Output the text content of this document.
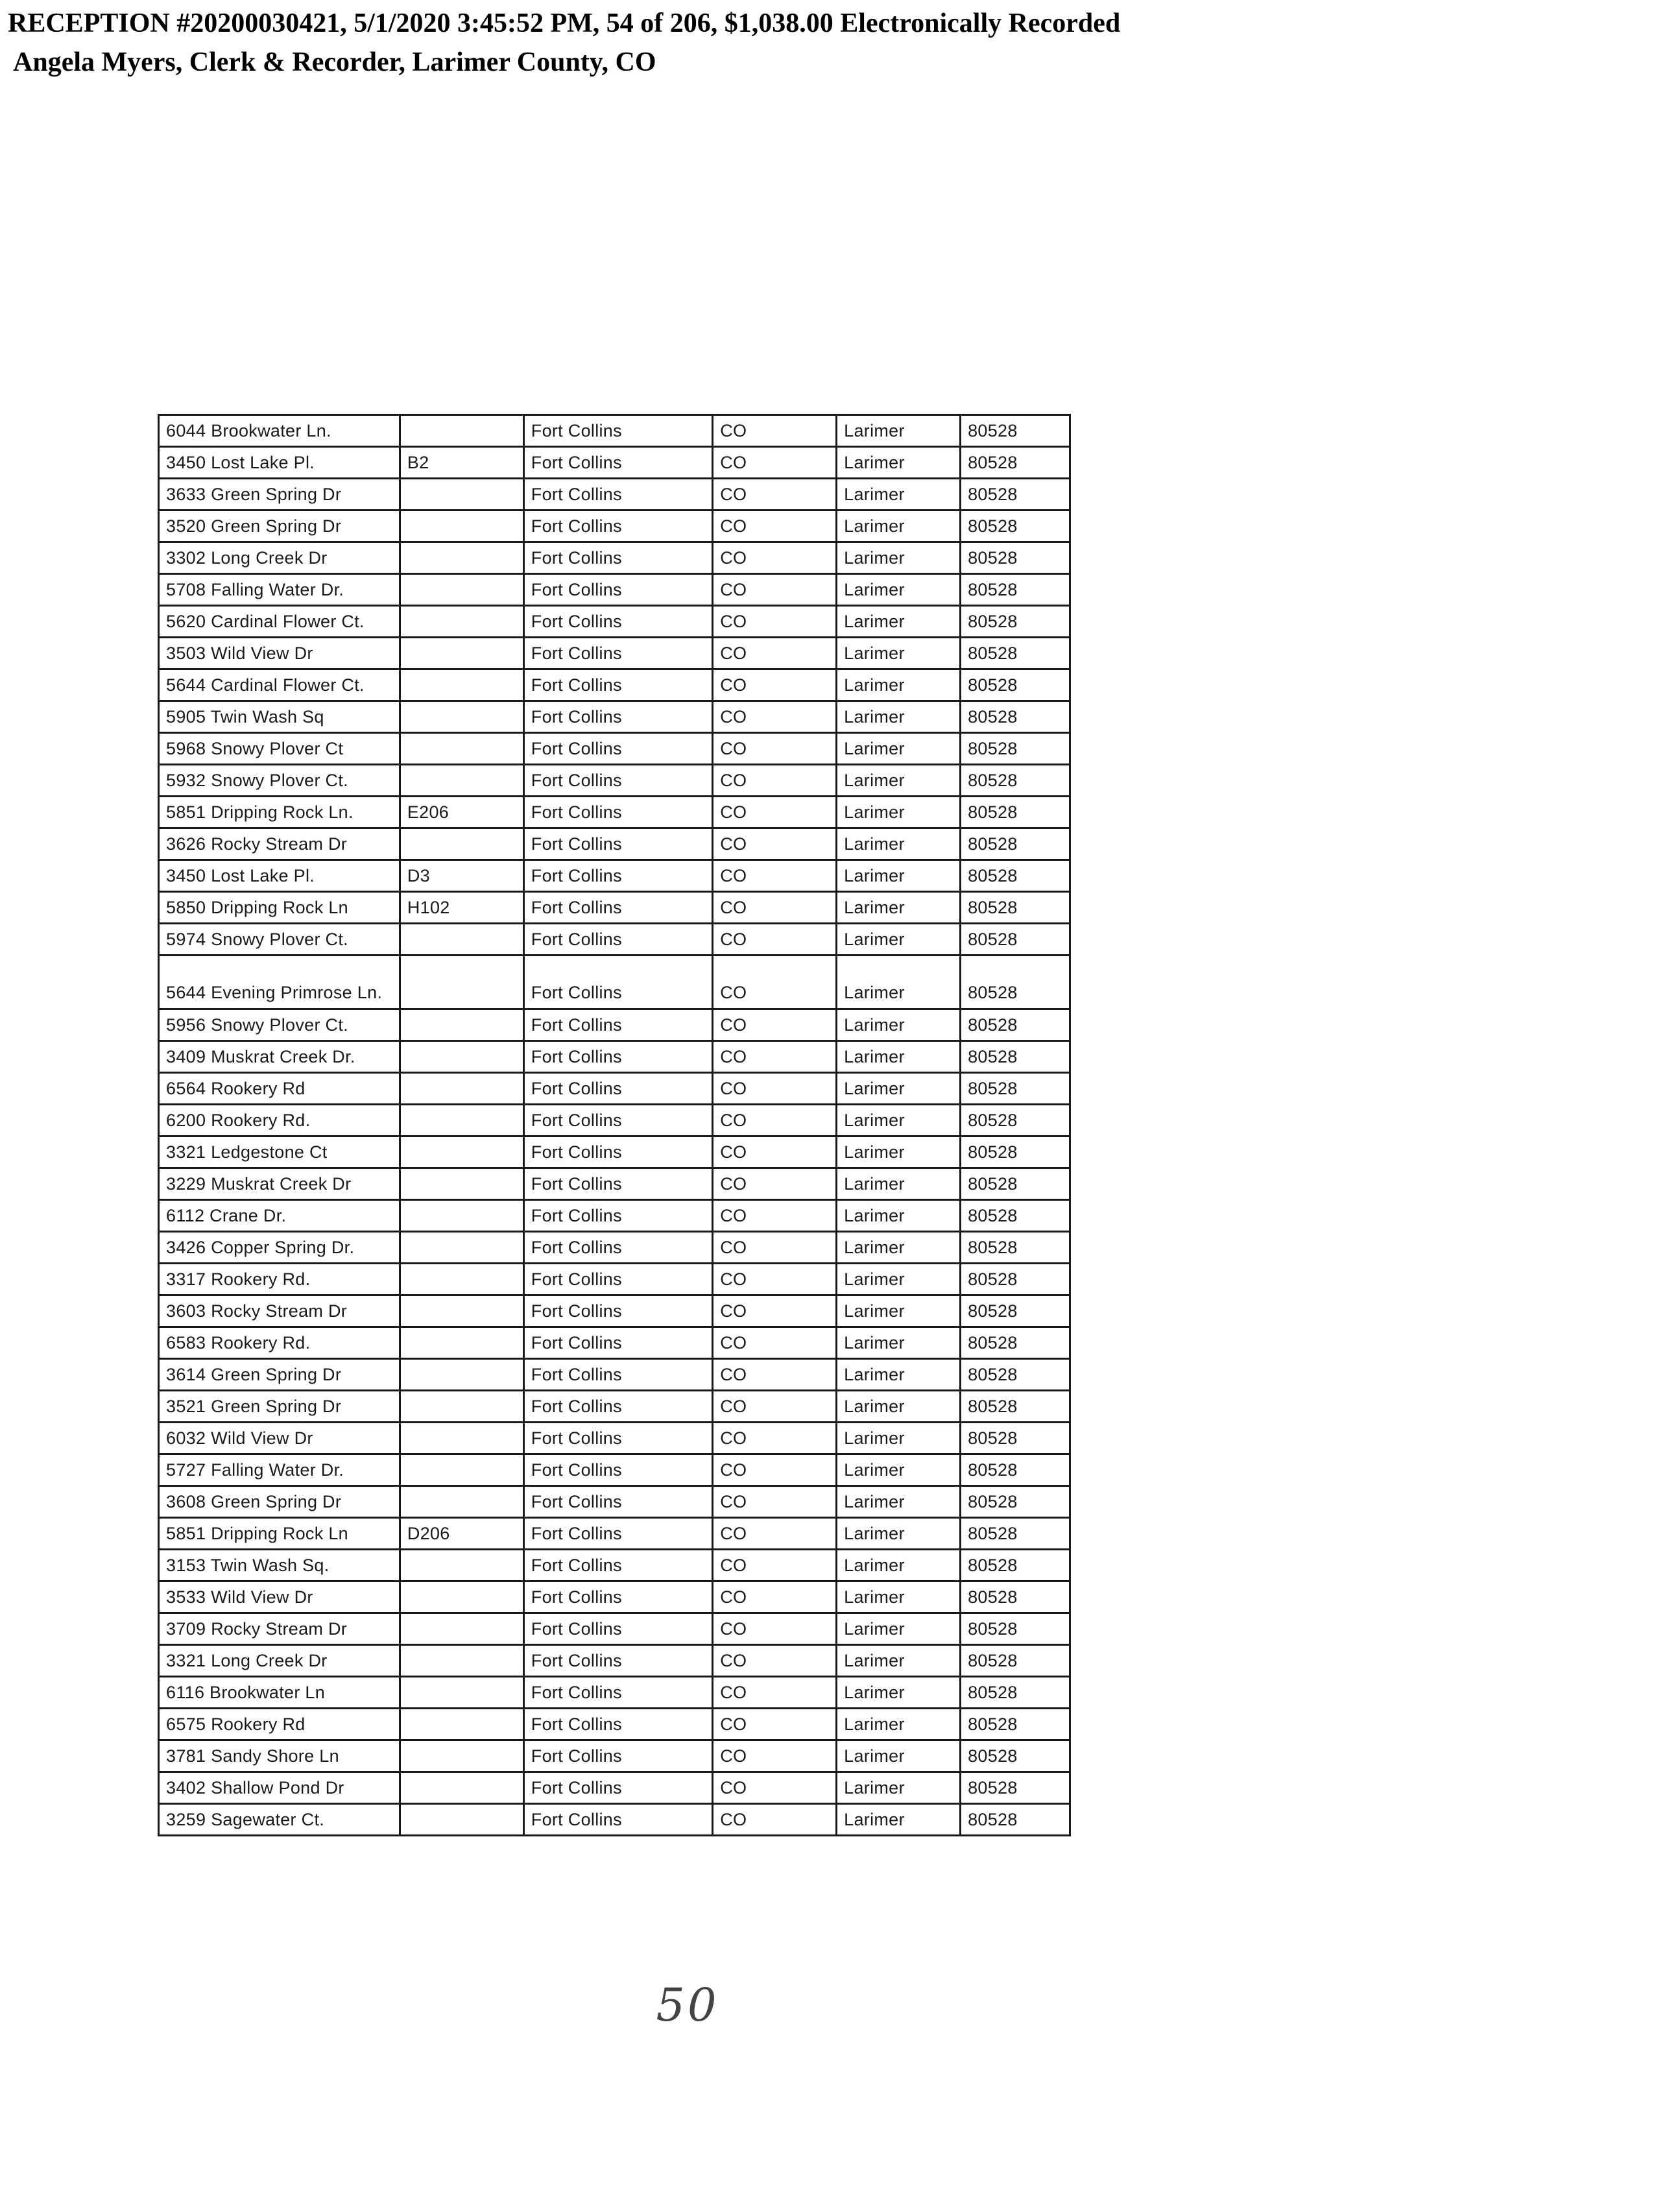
RECEPTION #20200030421, 5/1/2020 3:45:52 PM, 54 of 206, $1,038.00 Electronically Recorded
Angela Myers, Clerk & Recorder, Larimer County, CO
6044 Brookwater Ln.		Fort Collins	CO	Larimer	80528
3450 Lost Lake Pl.	B2	Fort Collins	CO	Larimer	80528
3633 Green Spring Dr		Fort Collins	CO	Larimer	80528
3520 Green Spring Dr		Fort Collins	CO	Larimer	80528
3302 Long Creek Dr		Fort Collins	CO	Larimer	80528
5708 Falling Water Dr.		Fort Collins	CO	Larimer	80528
5620 Cardinal Flower Ct.		Fort Collins	CO	Larimer	80528
3503 Wild View Dr		Fort Collins	CO	Larimer	80528
5644 Cardinal Flower Ct.		Fort Collins	CO	Larimer	80528
5905 Twin Wash Sq		Fort Collins	CO	Larimer	80528
5968 Snowy Plover Ct		Fort Collins	CO	Larimer	80528
5932 Snowy Plover Ct.		Fort Collins	CO	Larimer	80528
5851 Dripping Rock Ln.	E206	Fort Collins	CO	Larimer	80528
3626 Rocky Stream Dr		Fort Collins	CO	Larimer	80528
3450 Lost Lake Pl.	D3	Fort Collins	CO	Larimer	80528
5850 Dripping Rock Ln	H102	Fort Collins	CO	Larimer	80528
5974 Snowy Plover Ct.		Fort Collins	CO	Larimer	80528
5644 Evening Primrose Ln.		Fort Collins	CO	Larimer	80528
5956 Snowy Plover Ct.		Fort Collins	CO	Larimer	80528
3409 Muskrat Creek Dr.		Fort Collins	CO	Larimer	80528
6564 Rookery Rd		Fort Collins	CO	Larimer	80528
6200 Rookery Rd.		Fort Collins	CO	Larimer	80528
3321 Ledgestone Ct		Fort Collins	CO	Larimer	80528
3229 Muskrat Creek Dr		Fort Collins	CO	Larimer	80528
6112 Crane Dr.		Fort Collins	CO	Larimer	80528
3426 Copper Spring Dr.		Fort Collins	CO	Larimer	80528
3317 Rookery Rd.		Fort Collins	CO	Larimer	80528
3603 Rocky Stream Dr		Fort Collins	CO	Larimer	80528
6583 Rookery Rd.		Fort Collins	CO	Larimer	80528
3614 Green Spring Dr		Fort Collins	CO	Larimer	80528
3521 Green Spring Dr		Fort Collins	CO	Larimer	80528
6032 Wild View Dr		Fort Collins	CO	Larimer	80528
5727 Falling Water Dr.		Fort Collins	CO	Larimer	80528
3608 Green Spring Dr		Fort Collins	CO	Larimer	80528
5851 Dripping Rock Ln	D206	Fort Collins	CO	Larimer	80528
3153 Twin Wash Sq.		Fort Collins	CO	Larimer	80528
3533 Wild View Dr		Fort Collins	CO	Larimer	80528
3709 Rocky Stream Dr		Fort Collins	CO	Larimer	80528
3321 Long Creek Dr		Fort Collins	CO	Larimer	80528
6116 Brookwater Ln		Fort Collins	CO	Larimer	80528
6575 Rookery Rd		Fort Collins	CO	Larimer	80528
3781 Sandy Shore Ln		Fort Collins	CO	Larimer	80528
3402 Shallow Pond Dr		Fort Collins	CO	Larimer	80528
3259 Sagewater Ct.		Fort Collins	CO	Larimer	80528
50
